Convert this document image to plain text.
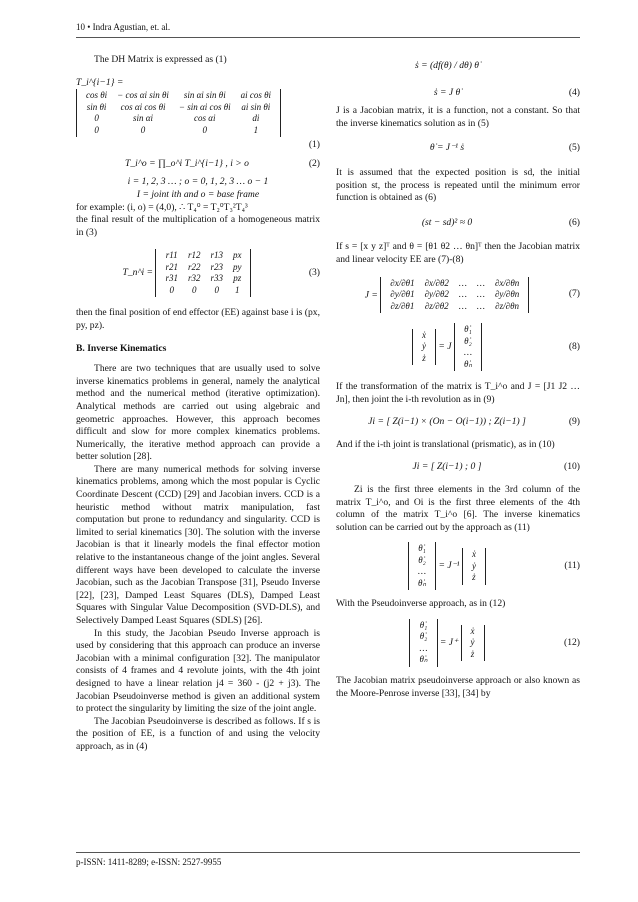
10 • Indra Agustian, et. al.

The DH Matrix is expressed as (1)

T_i^{i−1} =
cos θi	− cos αi sin θi	sin αi sin θi	ai cos θi
sin θi	cos αi cos θi	− sin αi cos θi	ai sin θi
0	sin αi	cos αi	di
0	0	0	1
(1)
T_i^o = ∏_o^i T_i^{i−1} , i > o	(2)
i = 1, 2, 3 … ; o = 0, 1, 2, 3 … o − 1
I = joint ith and o = base frame

for example: (i, o) = (4,0), ∴ T₄⁰ = T₂⁰T₃²T₄³

the final result of the multiplication of a homogeneous matrix in (3)

T_n^i =
r11	r12	r13	px
r21	r22	r23	py
r31	r32	r33	pz
0	0	0	1
(3)

then the final position of end effector (EE) against base i is (px, py, pz).

B. Inverse Kinematics

There are two techniques that are usually used to solve inverse kinematics problems in general, namely the analytical method and the numerical method (iterative optimization). Analytical methods are carried out using algebraic and geometric approaches. However, this approach becomes difficult and slow for more complex kinematics problems. Numerically, the iterative method approach can provide a better solution [28].

There are many numerical methods for solving inverse kinematics problems, among which the most popular is Cyclic Coordinate Descent (CCD) [29] and Jacobian invers. CCD is a heuristic method without matrix manipulation, fast computation but prone to redundancy and singularity. CCD is limited to serial kinematics [30]. The solution with the inverse Jacobian is that it linearly models the final effector motion relative to the instantaneous change of the joint angles. Several different ways have been developed to calculate the inverse Jacobian, such as the Jacobian Transpose [31], Pseudo Inverse [22], [23], Damped Least Squares (DLS), Damped Least Squares with Singular Value Decomposition (SVD-DLS), and Selectively Damped Least Squares (SDLS) [26].

In this study, the Jacobian Pseudo Inverse approach is used by considering that this approach can produce an inverse Jacobian with a minimal configuration [32]. The manipulator consists of 4 frames and 4 revolute joints, with the 4th joint designed to have a linear relation j4 = 360 - (j2 + j3). The Jacobian Pseudoinverse method is given an additional system to protect the singularity by limiting the size of the joint angle.

The Jacobian Pseudoinverse is described as follows. If s is the position of EE, is a function of and using the velocity approach, as in (4)

ṡ = (df(θ) / dθ) θ̇
ṡ = J θ̇	(4)

J is a Jacobian matrix, it is a function, not a constant. So that the inverse kinematics solution as in (5)

θ̇ = J⁻¹ ṡ	(5)

It is assumed that the expected position is sd, the initial position st, the process is repeated until the minimum error function is obtained as (6)

(st − sd)² ≈ 0	(6)

If s = [x y z]ᵀ and θ = [θ1 θ2 … θn]ᵀ then the Jacobian matrix and linear velocity EE are (7)-(8)

J =
∂x/∂θ1	∂x/∂θ2	…	…	∂x/∂θn
∂y/∂θ1	∂y/∂θ2	…	…	∂y/∂θn
∂z/∂θ1	∂z/∂θ2	…	…	∂z/∂θn
(7)
ẋ
ẏ
ż
= J
θ̇₁
θ̇₂
…
θ̇ₙ
(8)

If the transformation of the matrix is T_i^o and J = [J1 J2 … Jn], then joint the i-th revolution as in (9)

Ji = [ Z(i−1) × (On − O(i−1)) ; Z(i−1) ]	(9)

And if the i-th joint is translational (prismatic), as in (10)

Ji = [ Z(i−1) ; 0 ]	(10)

Zi is the first three elements in the 3rd column of the matrix T_i^o, and Oi is the first three elements of the 4th column of the matrix T_i^o [6]. The inverse kinematics solution can be carried out by the approach as (11)

θ̇₁
θ̇₂
…
θ̇ₙ
= J⁻¹
ẋ
ẏ
ż
(11)

With the Pseudoinverse approach, as in (12)

θ̇₁
θ̇₂
…
θ̇ₙ
= J⁺
ẋ
ẏ
ż
(12)

The Jacobian matrix pseudoinverse approach or also known as the Moore-Penrose inverse [33], [34] by

p-ISSN: 1411-8289; e-ISSN: 2527-9955
